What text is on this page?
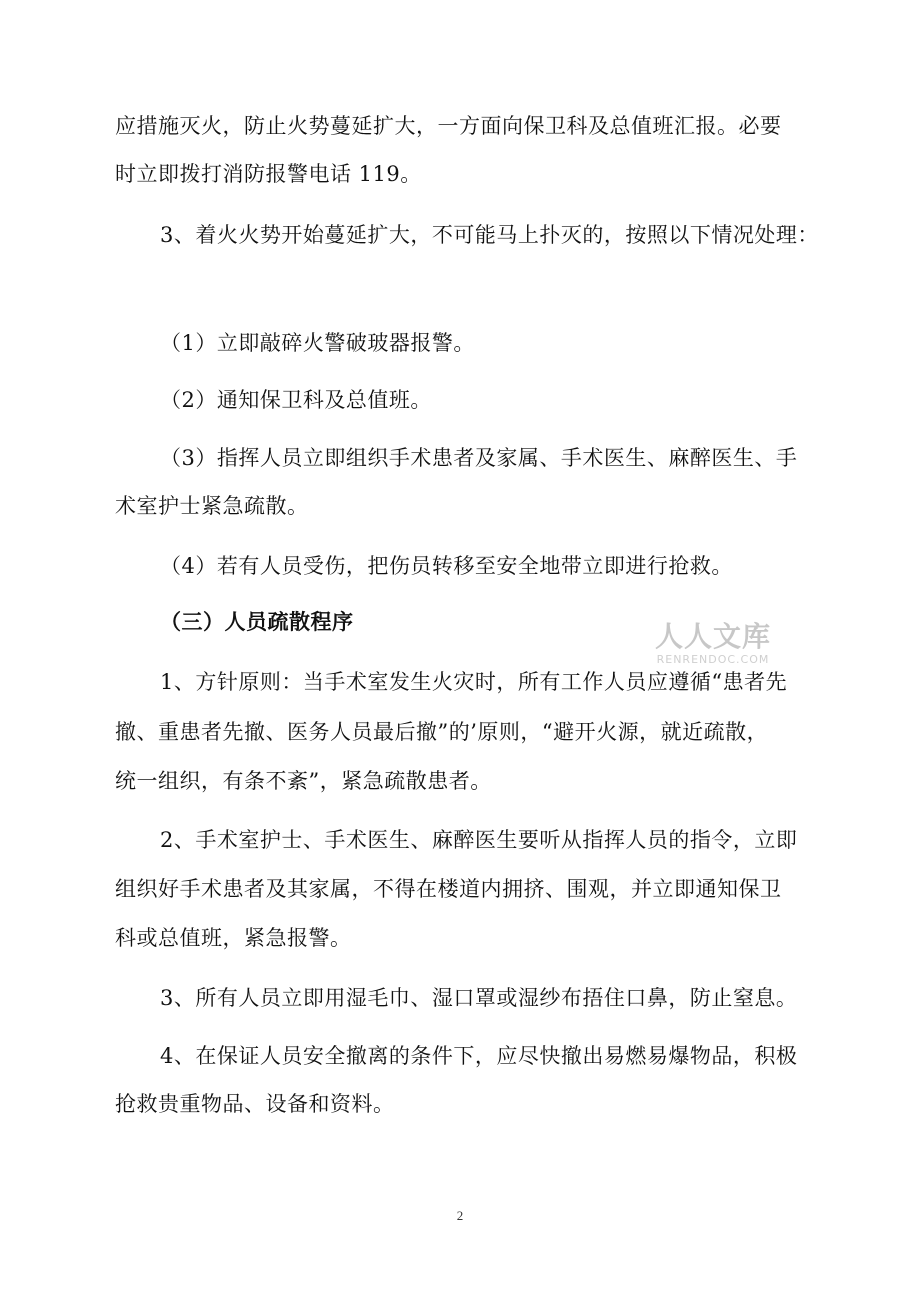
应措施灭火，防止火势蔓延扩大，一方面向保卫科及总值班汇报。必要
时立即拨打消防报警电话 119。
3、着火火势开始蔓延扩大，不可能马上扑灭的，按照以下情况处理：
（1）立即敲碎火警破玻器报警。
（2）通知保卫科及总值班。
（3）指挥人员立即组织手术患者及家属、手术医生、麻醉医生、手
术室护士紧急疏散。
（4）若有人员受伤，把伤员转移至安全地带立即进行抢救。
（三）人员疏散程序
1、方针原则：当手术室发生火灾时，所有工作人员应遵循“患者先
撤、重患者先撤、医务人员最后撤”的’原则，“避开火源，就近疏散，
统一组织，有条不紊”，紧急疏散患者。
2、手术室护士、手术医生、麻醉医生要听从指挥人员的指令，立即
组织好手术患者及其家属，不得在楼道内拥挤、围观，并立即通知保卫
科或总值班，紧急报警。
3、所有人员立即用湿毛巾、湿口罩或湿纱布捂住口鼻，防止窒息。
4、在保证人员安全撤离的条件下，应尽快撤出易燃易爆物品，积极
抢救贵重物品、设备和资料。
人人文库
RENRENDOC.COM
2
